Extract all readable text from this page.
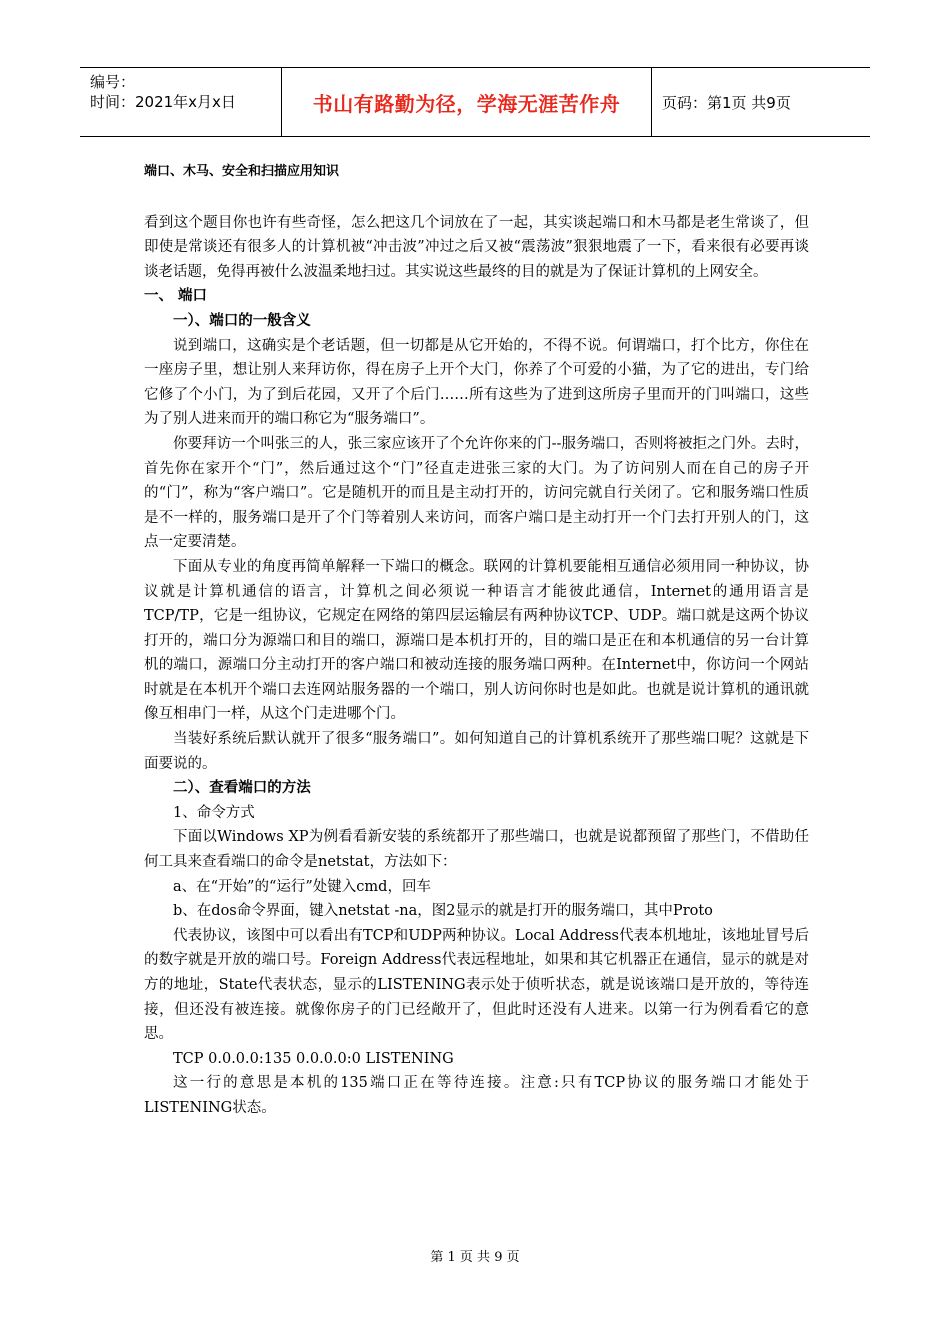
编号：
时间：2021年x月x日	书山有路勤为径，学海无涯苦作舟	页码：第1页 共9页
端口、木马、安全和扫描应用知识
看到这个题目你也许有些奇怪，怎么把这几个词放在了一起，其实谈起端口和木马都是老生常谈了，但即使是常谈还有很多人的计算机被“冲击波”冲过之后又被“震荡波”狠狠地震了一下，看来很有必要再谈谈老话题，免得再被什么波温柔地扫过。其实说这些最终的目的就是为了保证计算机的上网安全。
一、 端口
一）、端口的一般含义
说到端口，这确实是个老话题，但一切都是从它开始的，不得不说。何谓端口，打个比方，你住在一座房子里，想让别人来拜访你，得在房子上开个大门，你养了个可爱的小猫，为了它的进出，专门给它修了个小门，为了到后花园，又开了个后门……所有这些为了进到这所房子里而开的门叫端口，这些为了别人进来而开的端口称它为“服务端口”。
你要拜访一个叫张三的人，张三家应该开了个允许你来的门--服务端口，否则将被拒之门外。去时，首先你在家开个“门”，然后通过这个“门”径直走进张三家的大门。为了访问别人而在自己的房子开的“门”，称为“客户端口”。它是随机开的而且是主动打开的，访问完就自行关闭了。它和服务端口性质是不一样的，服务端口是开了个门等着别人来访问，而客户端口是主动打开一个门去打开别人的门，这点一定要清楚。
下面从专业的角度再简单解释一下端口的概念。联网的计算机要能相互通信必须用同一种协议，协议就是计算机通信的语言，计算机之间必须说一种语言才能彼此通信，Internet的通用语言是TCP/TP，它是一组协议，它规定在网络的第四层运输层有两种协议TCP、UDP。端口就是这两个协议打开的，端口分为源端口和目的端口，源端口是本机打开的，目的端口是正在和本机通信的另一台计算机的端口，源端口分主动打开的客户端口和被动连接的服务端口两种。在Internet中，你访问一个网站时就是在本机开个端口去连网站服务器的一个端口，别人访问你时也是如此。也就是说计算机的通讯就像互相串门一样，从这个门走进哪个门。
当装好系统后默认就开了很多“服务端口”。如何知道自己的计算机系统开了那些端口呢？这就是下面要说的。
二）、查看端口的方法
1、命令方式
下面以Windows XP为例看看新安装的系统都开了那些端口，也就是说都预留了那些门，不借助任何工具来查看端口的命令是netstat，方法如下：
a、在“开始”的“运行”处键入cmd，回车
b、在dos命令界面，键入netstat -na，图2显示的就是打开的服务端口，其中Proto
代表协议，该图中可以看出有TCP和UDP两种协议。Local Address代表本机地址，该地址冒号后的数字就是开放的端口号。Foreign Address代表远程地址，如果和其它机器正在通信，显示的就是对方的地址，State代表状态，显示的LISTENING表示处于侦听状态，就是说该端口是开放的，等待连接，但还没有被连接。就像你房子的门已经敞开了，但此时还没有人进来。以第一行为例看看它的意思。
TCP 0.0.0.0:135 0.0.0.0:0 LISTENING
这一行的意思是本机的135端口正在等待连接。注意:只有TCP协议的服务端口才能处于LISTENING状态。
第 1 页 共 9 页
